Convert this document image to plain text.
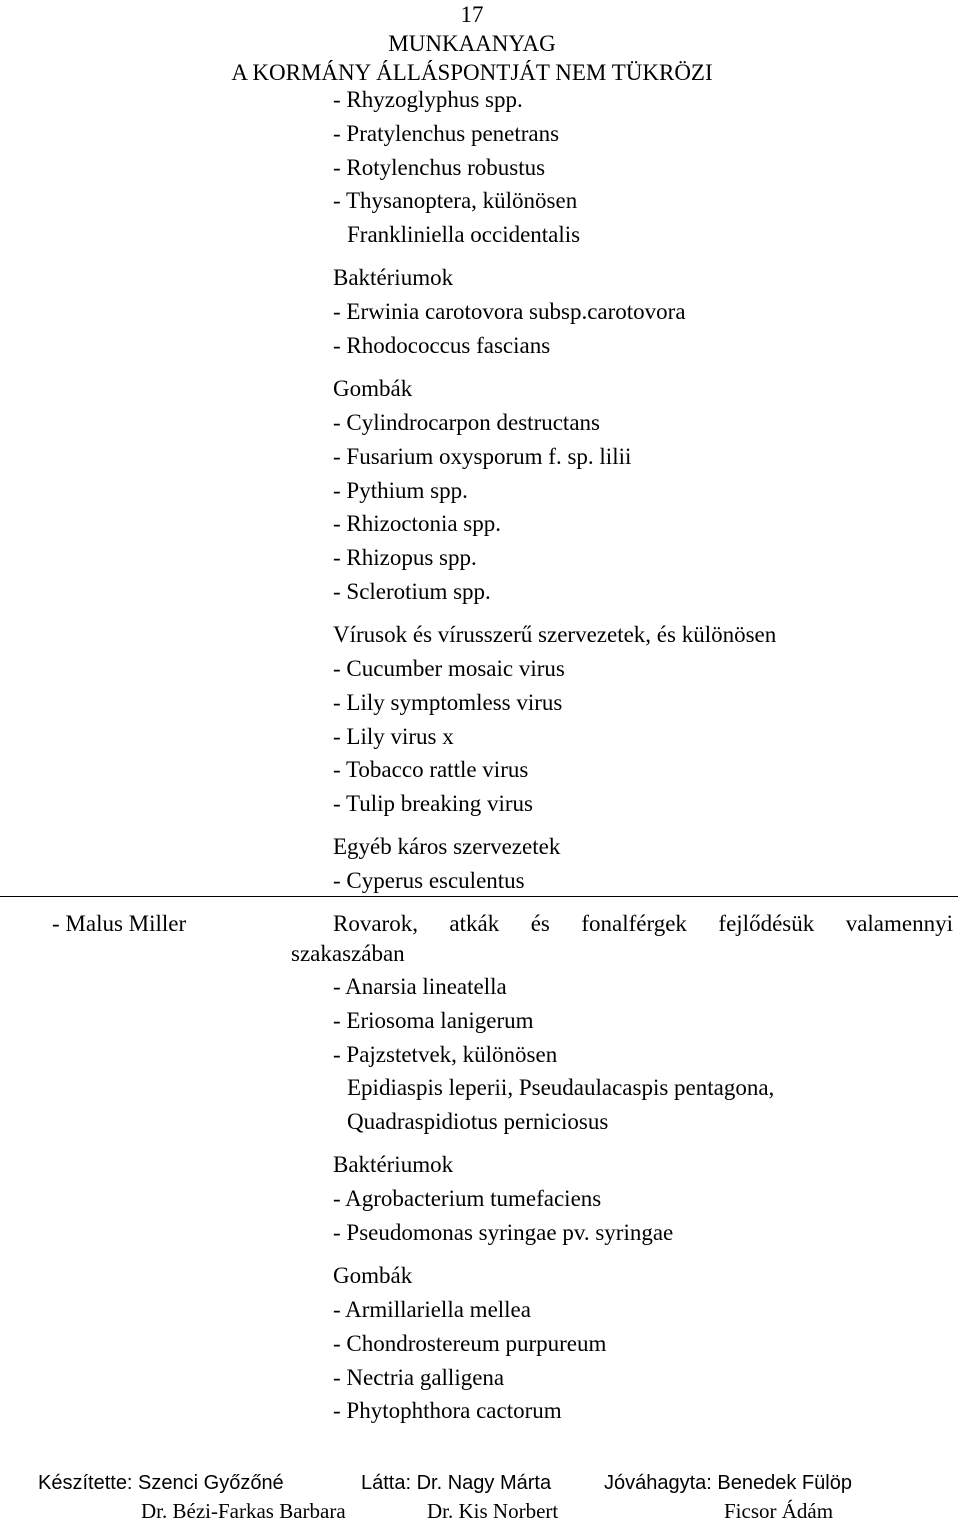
17
MUNKAANYAG
A KORMÁNY ÁLLÁSPONTJÁT NEM TÜKRÖZI
- Rhyzoglyphus spp.
- Pratylenchus penetrans
- Rotylenchus robustus
- Thysanoptera, különösen
Frankliniella occidentalis
Baktériumok
- Erwinia carotovora subsp.carotovora
- Rhodococcus fascians
Gombák
- Cylindrocarpon destructans
- Fusarium oxysporum f. sp. lilii
- Pythium spp.
- Rhizoctonia spp.
- Rhizopus spp.
- Sclerotium spp.
Vírusok és vírusszerű szervezetek, és különösen
- Cucumber mosaic virus
- Lily symptomless virus
- Lily virus x
- Tobacco rattle virus
- Tulip breaking virus
Egyéb káros szervezetek
- Cyperus esculentus
- Malus Miller	Rovarok, atkák és fonalférgek fejlődésük valamennyi
szakaszában
- Anarsia lineatella
- Eriosoma lanigerum
- Pajzstetvek, különösen
Epidiaspis leperii, Pseudaulacaspis pentagona,
Quadraspidiotus perniciosus
Baktériumok
- Agrobacterium tumefaciens
- Pseudomonas syringae pv. syringae
Gombák
- Armillariella mellea
- Chondrostereum purpureum
- Nectria galligena
- Phytophthora cactorum
Készítette: Szenci Győzőné	Látta: Dr. Nagy Márta	Jóváhagyta: Benedek Fülöp
Dr. Bézi-Farkas Barbara	Dr. Kis Norbert	Ficsor Ádám
